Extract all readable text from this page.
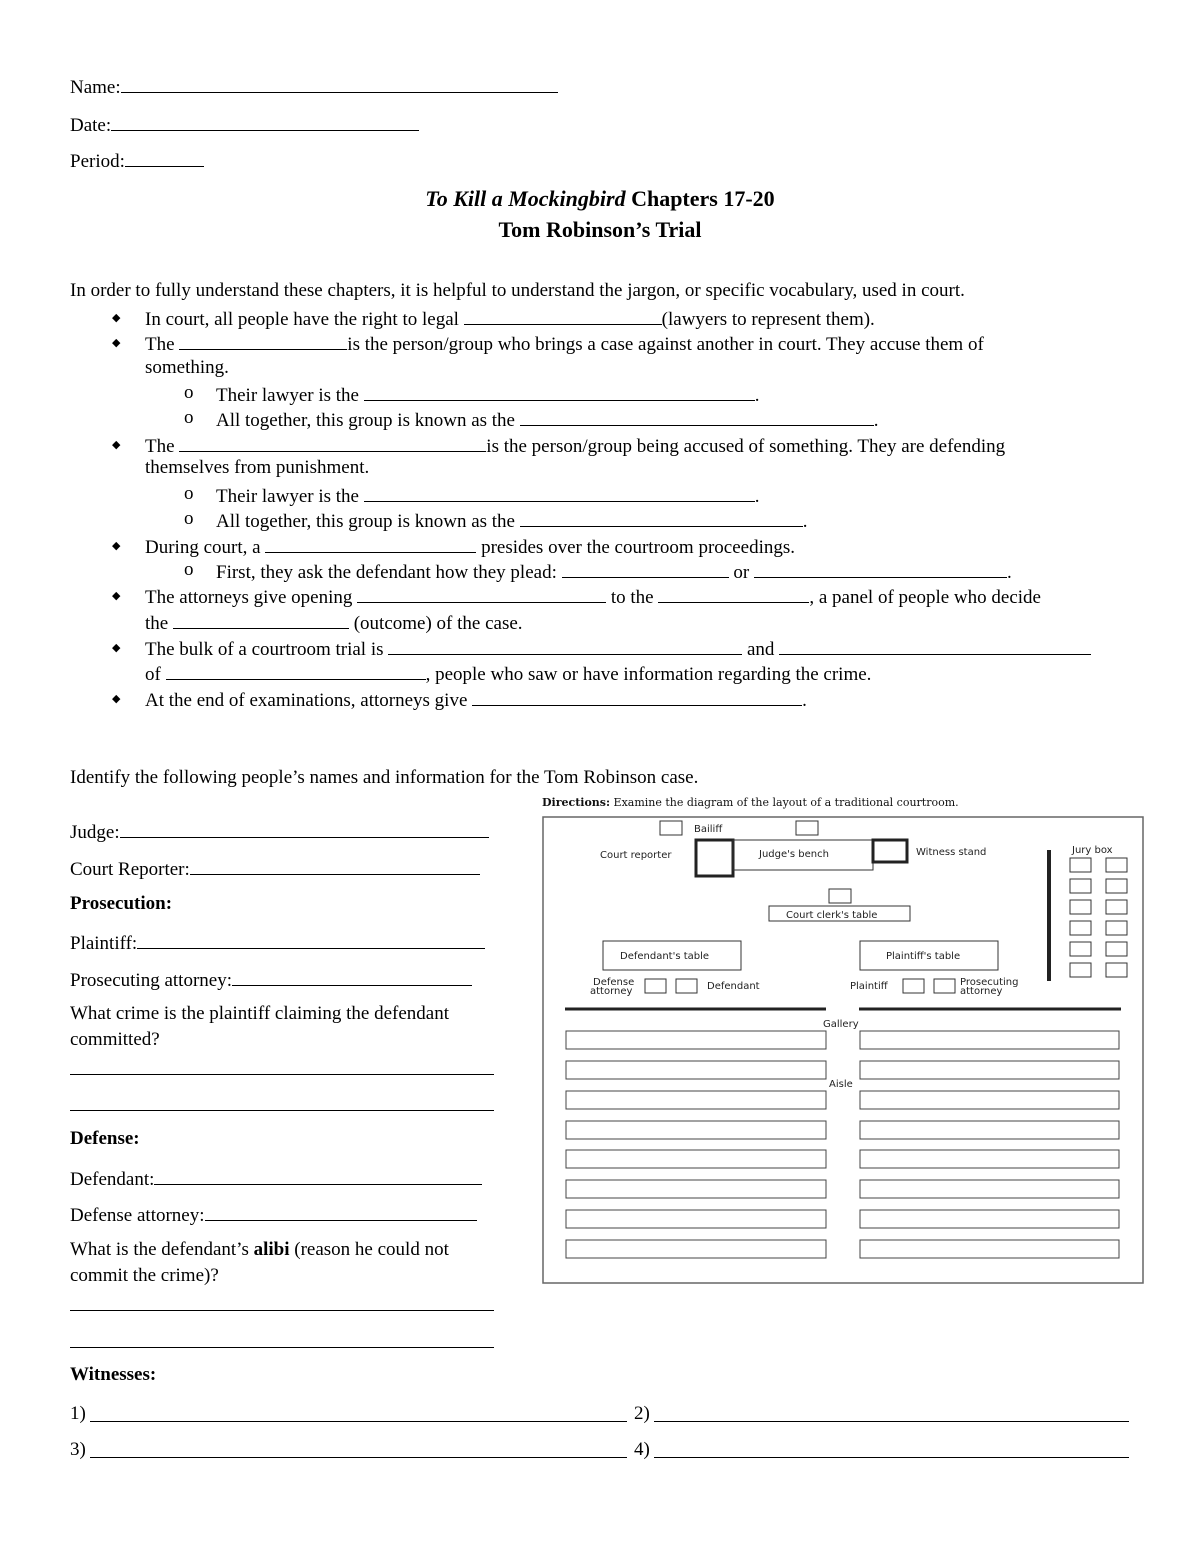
Name:
Date:
Period:
To Kill a Mockingbird Chapters 17-20
Tom Robinson’s Trial
In order to fully understand these chapters, it is helpful to understand the jargon, or specific vocabulary, used in court.
◆ In court, all people have the right to legal	(lawyers to represent them).
◆ The	is the person/group who brings a case against another in court. They accuse them of
something.
o Their lawyer is the	.
o All together, this group is known as the	.
◆ The	is the person/group being accused of something. They are defending
themselves from punishment.
o Their lawyer is the	.
o All together, this group is known as the	.
◆ During court, a	presides over the courtroom proceedings.
o First, they ask the defendant how they plead:	or	.
◆ The attorneys give opening	to the	, a panel of people who decide
the	(outcome) of the case.
◆ The bulk of a courtroom trial is	and
of	, people who saw or have information regarding the crime.
◆ At the end of examinations, attorneys give	.
Identify the following people’s names and information for the Tom Robinson case.
Judge:
Court Reporter:
Prosecution:
Plaintiff:
Prosecuting attorney:
What crime is the plaintiff claiming the defendant
committed?
Defense:
Defendant:
Defense attorney:
What is the defendant’s alibi (reason he could not
commit the crime)?
Witnesses:
1)	2)
3)	4)
Directions: Examine the diagram of the layout of a traditional courtroom.
Bailiff
Court reporter	Judge's bench	Witness stand	Jury box
Court clerk's table
Defendant's table	Plaintiff's table
Defense
attorney	Defendant	Plaintiff	Prosecuting
attorney
Gallery
Aisle
